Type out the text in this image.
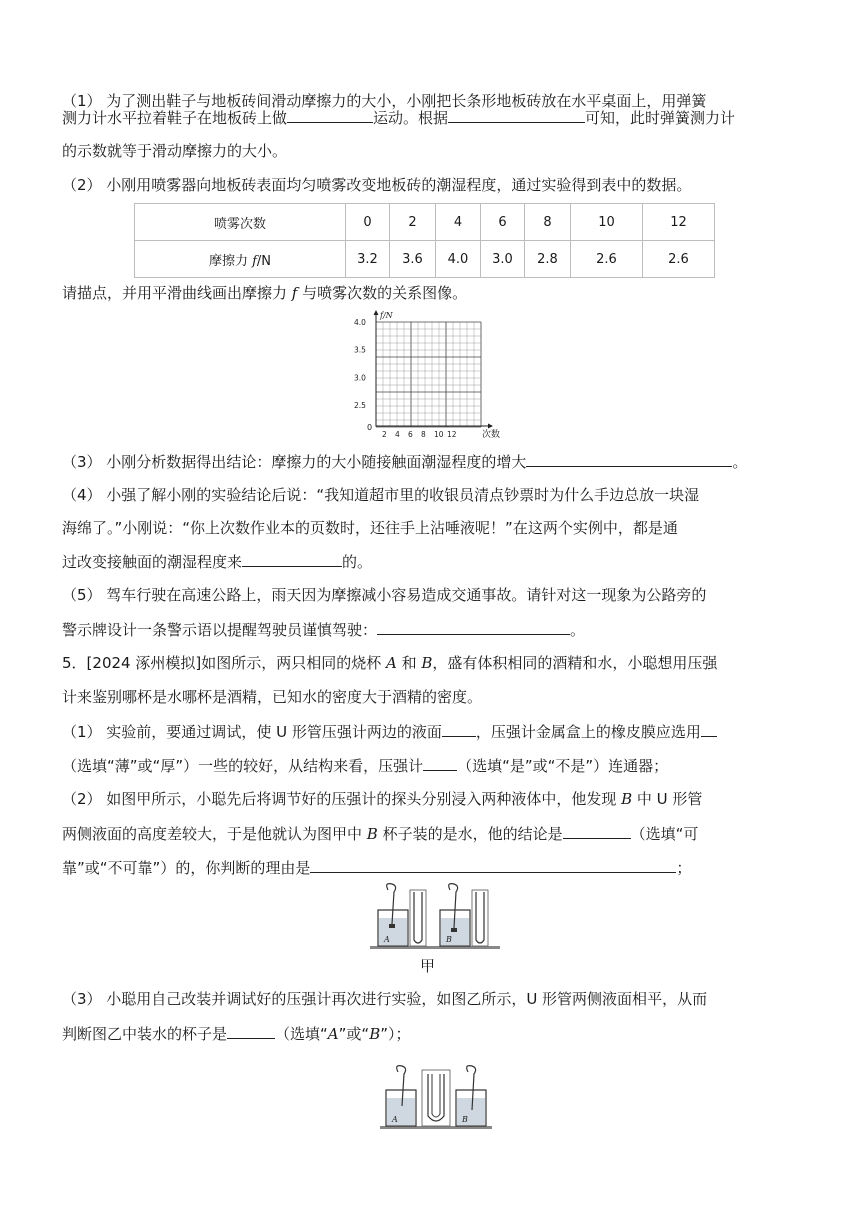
（1） 为了测出鞋子与地板砖间滑动摩擦力的大小，小刚把长条形地板砖放在水平桌面上，用弹簧
测力计水平拉着鞋子在地板砖上做	运动。根据	可知，此时弹簧测力计
的示数就等于滑动摩擦力的大小。
（2） 小刚用喷雾器向地板砖表面均匀喷雾改变地板砖的潮湿程度，通过实验得到表中的数据。
喷雾次数	0	2	4	6	8	10	12
摩擦力 f/N	3.2	3.6	4.0	3.0	2.8	2.6	2.6
请描点，并用平滑曲线画出摩擦力 f 与喷雾次数的关系图像。
f/N
次数
0
4.0
3.5
3.0
2.5
2 4 6 8 10 12
（3） 小刚分析数据得出结论：摩擦力的大小随接触面潮湿程度的增大	。
（4） 小强了解小刚的实验结论后说：“我知道超市里的收银员清点钞票时为什么手边总放一块湿
海绵了。”小刚说：“你上次数作业本的页数时，还往手上沾唾液呢！”在这两个实例中，都是通
过改变接触面的潮湿程度来	的。
（5） 驾车行驶在高速公路上，雨天因为摩擦减小容易造成交通事故。请针对这一现象为公路旁的
警示牌设计一条警示语以提醒驾驶员谨慎驾驶：	。
5．[2024 涿州模拟]如图所示，两只相同的烧杯 A 和 B，盛有体积相同的酒精和水，小聪想用压强
计来鉴别哪杯是水哪杯是酒精，已知水的密度大于酒精的密度。
（1） 实验前，要通过调试，使 U 形管压强计两边的液面 ，压强计金属盒上的橡皮膜应选用
（选填“薄”或“厚”）一些的较好，从结构来看，压强计 （选填“是”或“不是”）连通器；
（2） 如图甲所示，小聪先后将调节好的压强计的探头分别浸入两种液体中，他发现 B 中 U 形管
两侧液面的高度差较大，于是他就认为图甲中 B 杯子装的是水，他的结论是	（选填“可
靠”或“不可靠”）的，你判断的理由是	；
A	B
甲
（3） 小聪用自己改装并调试好的压强计再次进行实验，如图乙所示，U 形管两侧液面相平，从而
判断图乙中装水的杯子是	（选填“A”或“B”）；
A	B
